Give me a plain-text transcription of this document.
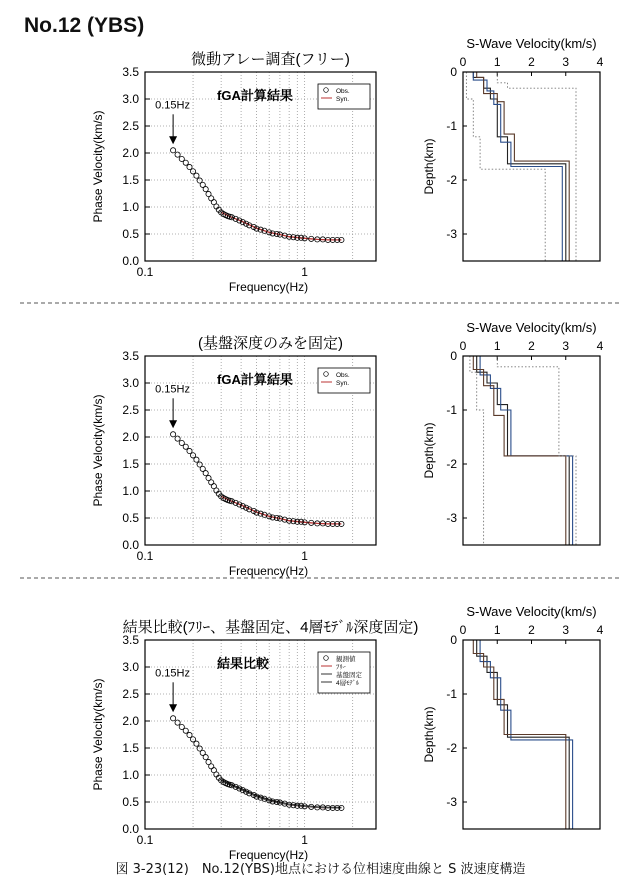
No.12 (YBS)
微動アレー調査(フリー)
0.0
0.5
1.0
1.5
2.0
2.5
3.0
3.5
0.1	1
Frequency(Hz)
Phase Velocity(km/s)
fGA計算結果	Obs.
Syn.
0.15Hz
S-Wave Velocity(km/s)
0 1 2 3 4
0
-1
-2
-3
Depth(km)
(基盤深度のみを固定)
0.0
0.5
1.0
1.5
2.0
2.5
3.0
3.5
0.1	1
Frequency(Hz)
Phase Velocity(km/s)
fGA計算結果	Obs.
Syn.
0.15Hz
S-Wave Velocity(km/s)
0 1 2 3 4
0
-1
-2
-3
Depth(km)
結果比較(ﾌﾘｰ、基盤固定、4層ﾓﾃﾞﾙ深度固定)
0.0
0.5
1.0
1.5
2.0
2.5
3.0
3.5
0.1	1
Frequency(Hz)
Phase Velocity(km/s)
結果比較	観測値
ﾌﾘｰ
基盤固定
4層ﾓﾃﾞﾙ
0.15Hz
S-Wave Velocity(km/s)
0 1 2 3 4
0
-1
-2
-3
Depth(km)
図 3-23(12)　No.12(YBS)地点における位相速度曲線と S 波速度構造
